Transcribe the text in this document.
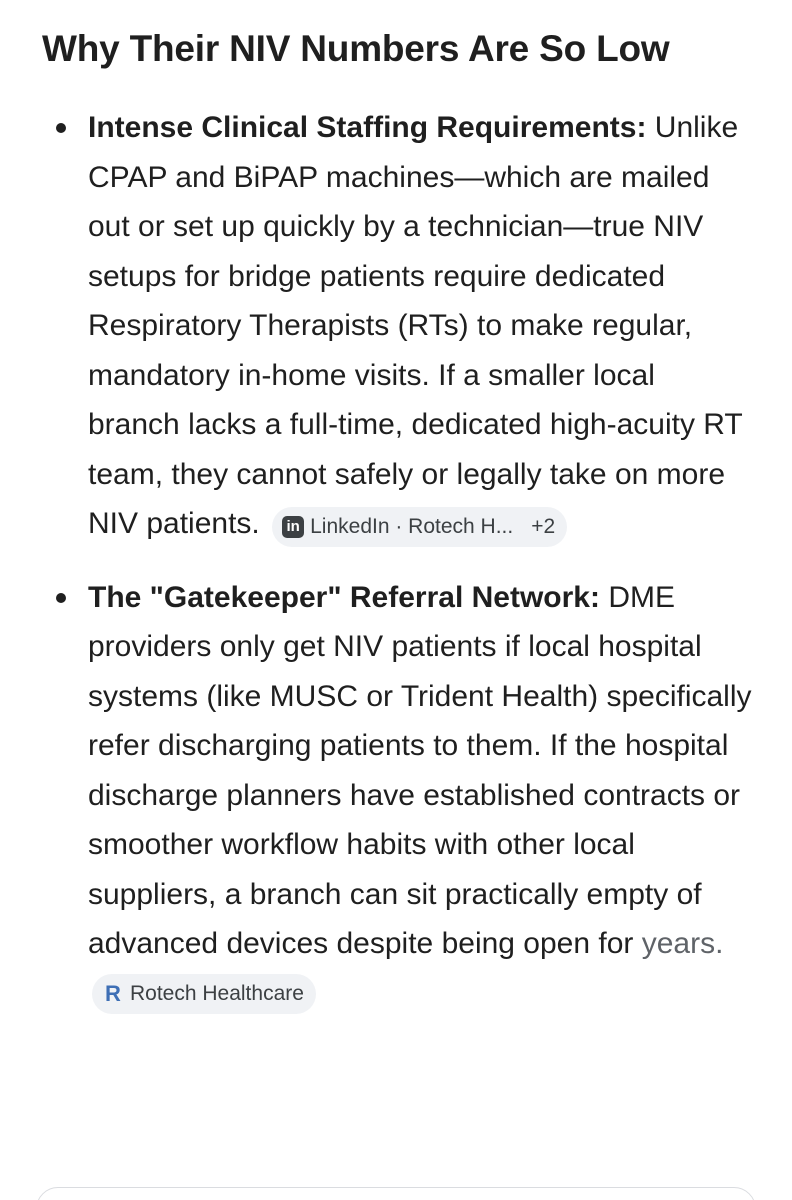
Why Their NIV Numbers Are So Low
Intense Clinical Staffing Requirements: Unlike CPAP and BiPAP machines—which are mailed out or set up quickly by a technician—true NIV setups for bridge patients require dedicated Respiratory Therapists (RTs) to make regular, mandatory in-home visits. If a smaller local branch lacks a full-time, dedicated high-acuity RT team, they cannot safely or legally take on more NIV patients. in LinkedIn · Rotech H... +2
The "Gatekeeper" Referral Network: DME providers only get NIV patients if local hospital systems (like MUSC or Trident Health) specifically refer discharging patients to them. If the hospital discharge planners have established contracts or smoother workflow habits with other local suppliers, a branch can sit practically empty of advanced devices despite being open for years.
R Rotech Healthcare
